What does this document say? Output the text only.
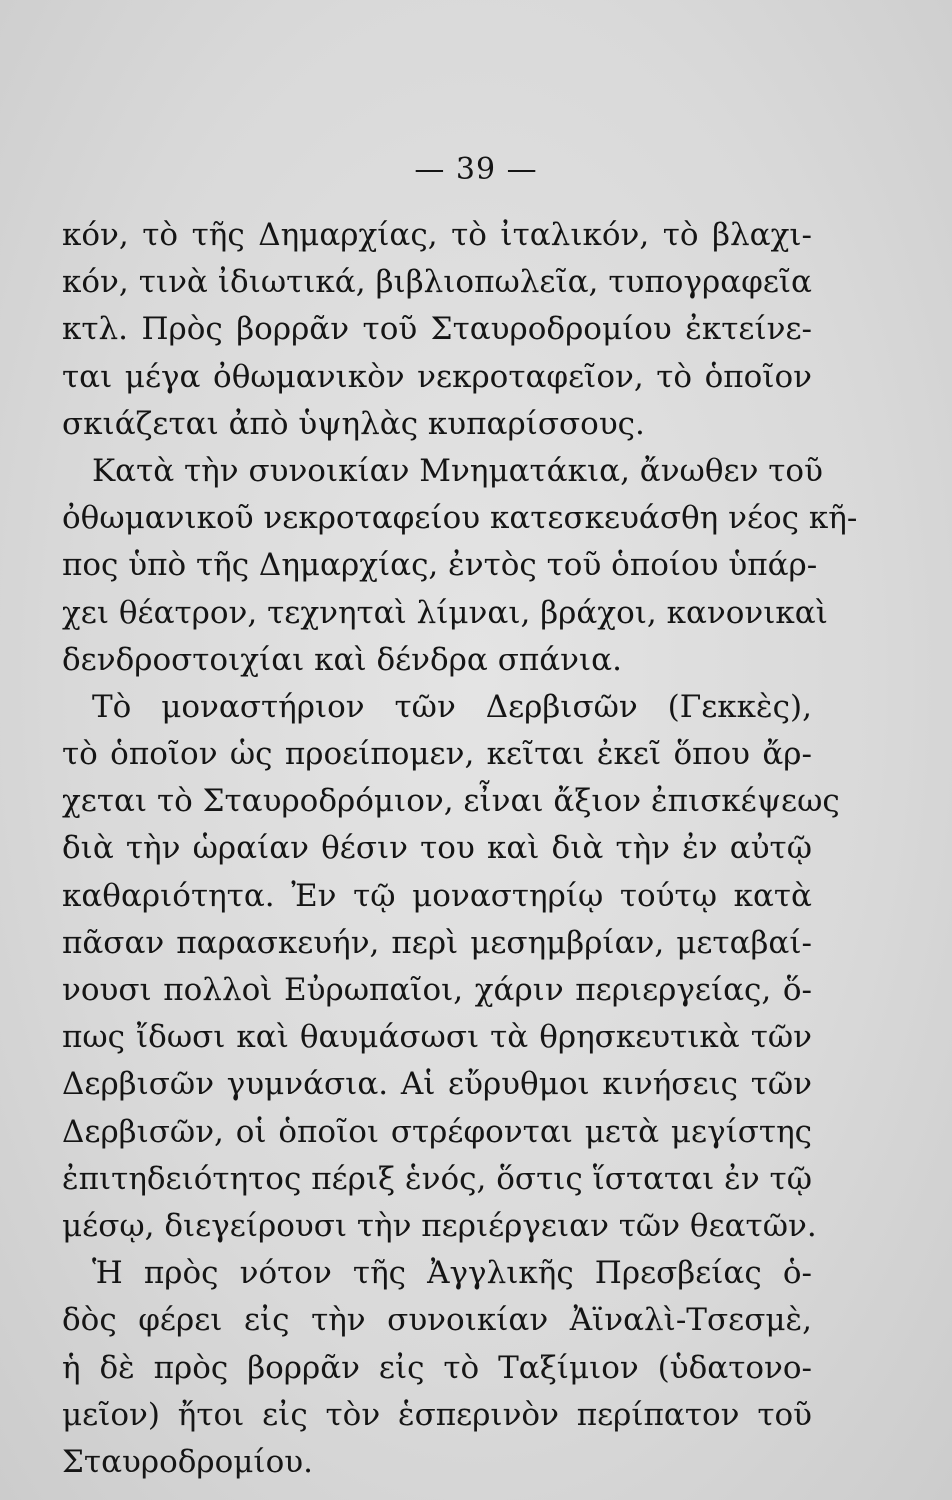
— 39 —
κόν, τὸ τῆς Δημαρχίας, τὸ ἰταλικόν, τὸ βλαχι-
κόν, τινὰ ἰδιωτικά, βιβλιοπωλεῖα, τυπογραφεῖα
κτλ. Πρὸς βορρᾶν τοῦ Σταυροδρομίου ἐκτείνε-
ται μέγα ὀθωμανικὸν νεκροταφεῖον, τὸ ὁποῖον
σκιάζεται ἀπὸ ὑψηλὰς κυπαρίσσους.
Κατὰ τὴν συνοικίαν Μνηματάκια, ἄνωθεν τοῦ
ὀθωμανικοῦ νεκροταφείου κατεσκευάσθη νέος κῆ-
πος ὑπὸ τῆς Δημαρχίας, ἐντὸς τοῦ ὁποίου ὑπάρ-
χει θέατρον, τεχνηταὶ λίμναι, βράχοι, κανονικαὶ
δενδροστοιχίαι καὶ δένδρα σπάνια.
Τὸ μοναστήριον τῶν Δερβισῶν (Γεκκὲς),
τὸ ὁποῖον ὡς προείπομεν, κεῖται ἐκεῖ ὅπου ἄρ-
χεται τὸ Σταυροδρόμιον, εἶναι ἄξιον ἐπισκέψεως
διὰ τὴν ὡραίαν θέσιν του καὶ διὰ τὴν ἐν αὐτῷ
καθαριότητα. Ἐν τῷ μοναστηρίῳ τούτῳ κατὰ
πᾶσαν παρασκευήν, περὶ μεσημβρίαν, μεταβαί-
νουσι πολλοὶ Εὐρωπαῖοι, χάριν περιεργείας, ὅ-
πως ἴδωσι καὶ θαυμάσωσι τὰ θρησκευτικὰ τῶν
Δερβισῶν γυμνάσια. Αἱ εὔρυθμοι κινήσεις τῶν
Δερβισῶν, οἱ ὁποῖοι στρέφονται μετὰ μεγίστης
ἐπιτηδειότητος πέριξ ἑνός, ὅστις ἵσταται ἐν τῷ
μέσῳ, διεγείρουσι τὴν περιέργειαν τῶν θεατῶν.
Ἡ πρὸς νότον τῆς Ἀγγλικῆς Πρεσβείας ὁ-
δὸς φέρει εἰς τὴν συνοικίαν Ἀϊναλὶ-Τσεσμὲ,
ἡ δὲ πρὸς βορρᾶν εἰς τὸ Ταξίμιον (ὑδατονο-
μεῖον) ἤτοι εἰς τὸν ἑσπερινὸν περίπατον τοῦ
Σταυροδρομίου.
